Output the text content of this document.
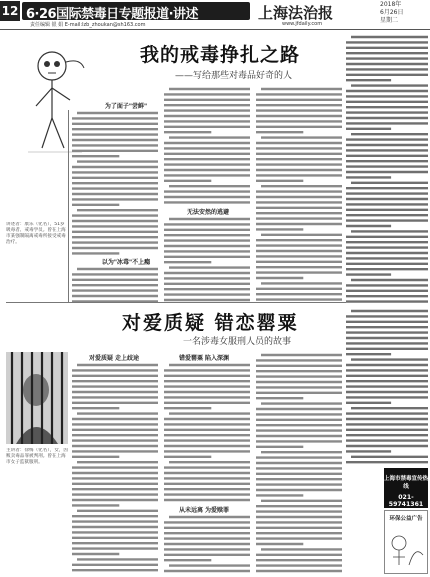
12 6·26国际禁毒日专题报道·讲述	上海法治报	2018年
6月26日
星期二
责任编辑 银 娟 E-mail:lzb_zhoukan@sh163.com	www.jfdaily.com
我的戒毒挣扎之路
——写给那些对毒品好奇的人
讲述者：康乐（化名），51岁吸毒者、戒毒学员。曾在上海市某强制隔离戒毒所接受戒毒治疗。
为了面子"尝鲜"
以为"冰毒"不上瘾
无法安然的逃避
对爱质疑 错恋罂粟
一名涉毒女服刑人员的故事
主讲者：徐梅（化名），女，因贩卖毒品罪被判刑。曾在上海市女子监狱服刑。
对爱质疑 走上歧途	错爱罂粟 陷入深渊
从未远离 为爱赎罪
上海市禁毒宣传热线
021-59741361
环保公益广告
